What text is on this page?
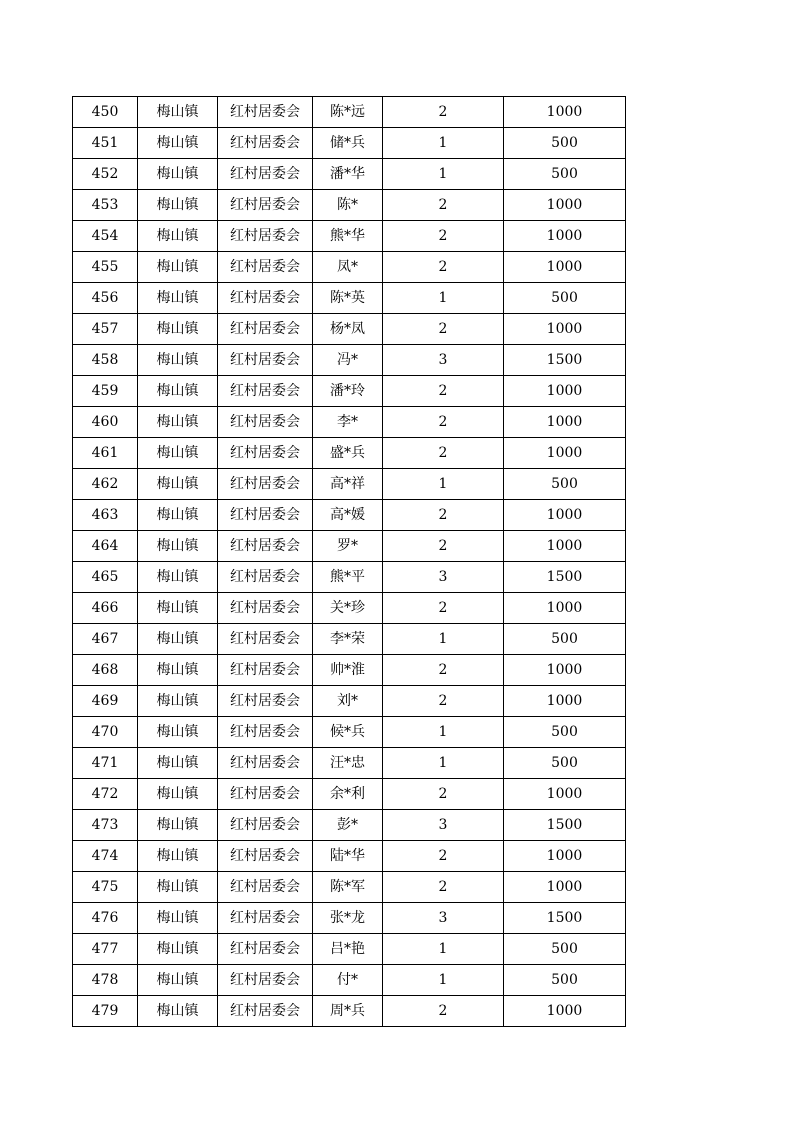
450	梅山镇	红村居委会	陈*远	2	1000
451	梅山镇	红村居委会	储*兵	1	500
452	梅山镇	红村居委会	潘*华	1	500
453	梅山镇	红村居委会	陈*	2	1000
454	梅山镇	红村居委会	熊*华	2	1000
455	梅山镇	红村居委会	凤*	2	1000
456	梅山镇	红村居委会	陈*英	1	500
457	梅山镇	红村居委会	杨*凤	2	1000
458	梅山镇	红村居委会	冯*	3	1500
459	梅山镇	红村居委会	潘*玲	2	1000
460	梅山镇	红村居委会	李*	2	1000
461	梅山镇	红村居委会	盛*兵	2	1000
462	梅山镇	红村居委会	高*祥	1	500
463	梅山镇	红村居委会	高*媛	2	1000
464	梅山镇	红村居委会	罗*	2	1000
465	梅山镇	红村居委会	熊*平	3	1500
466	梅山镇	红村居委会	关*珍	2	1000
467	梅山镇	红村居委会	李*荣	1	500
468	梅山镇	红村居委会	帅*淮	2	1000
469	梅山镇	红村居委会	刘*	2	1000
470	梅山镇	红村居委会	候*兵	1	500
471	梅山镇	红村居委会	汪*忠	1	500
472	梅山镇	红村居委会	余*利	2	1000
473	梅山镇	红村居委会	彭*	3	1500
474	梅山镇	红村居委会	陆*华	2	1000
475	梅山镇	红村居委会	陈*军	2	1000
476	梅山镇	红村居委会	张*龙	3	1500
477	梅山镇	红村居委会	吕*艳	1	500
478	梅山镇	红村居委会	付*	1	500
479	梅山镇	红村居委会	周*兵	2	1000
